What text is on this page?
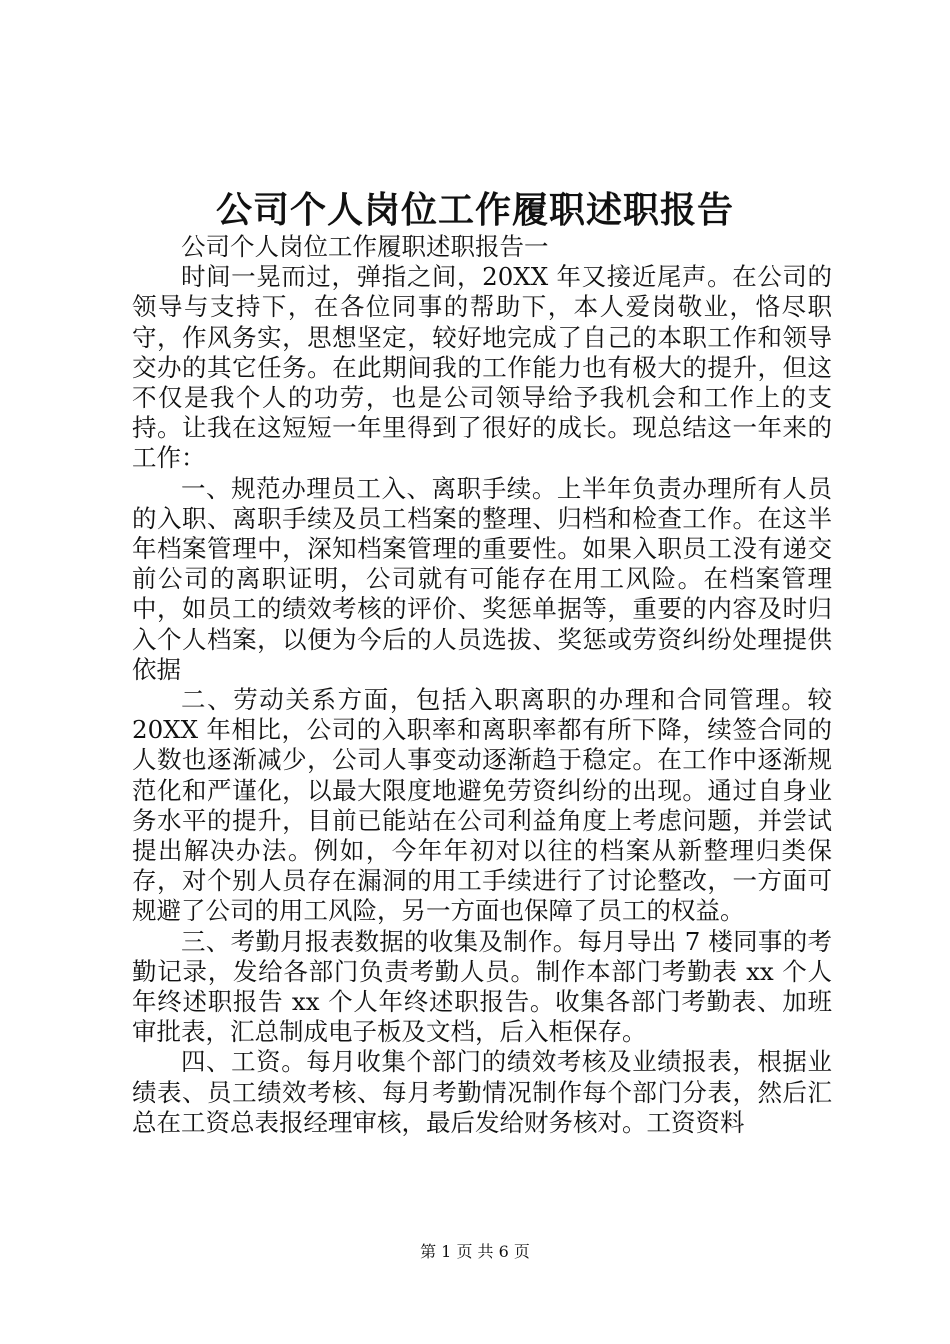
公司个人岗位工作履职述职报告

公司个人岗位工作履职述职报告一

时间一晃而过，弹指之间，20XX 年又接近尾声。在公司的领导与支持下，在各位同事的帮助下，本人爱岗敬业，恪尽职守，作风务实，思想坚定，较好地完成了自己的本职工作和领导交办的其它任务。在此期间我的工作能力也有极大的提升，但这不仅是我个人的功劳，也是公司领导给予我机会和工作上的支持。让我在这短短一年里得到了很好的成长。现总结这一年来的工作：

一、规范办理员工入、离职手续。上半年负责办理所有人员的入职、离职手续及员工档案的整理、归档和检查工作。在这半年档案管理中，深知档案管理的重要性。如果入职员工没有递交前公司的离职证明，公司就有可能存在用工风险。在档案管理中，如员工的绩效考核的评价、奖惩单据等，重要的内容及时归入个人档案，以便为今后的人员选拔、奖惩或劳资纠纷处理提供依据

二、劳动关系方面，包括入职离职的办理和合同管理。较 20XX 年相比，公司的入职率和离职率都有所下降，续签合同的人数也逐渐减少，公司人事变动逐渐趋于稳定。在工作中逐渐规范化和严谨化，以最大限度地避免劳资纠纷的出现。通过自身业务水平的提升，目前已能站在公司利益角度上考虑问题，并尝试提出解决办法。例如，今年年初对以往的档案从新整理归类保存，对个别人员存在漏洞的用工手续进行了讨论整改，一方面可规避了公司的用工风险，另一方面也保障了员工的权益。

三、考勤月报表数据的收集及制作。每月导出 7 楼同事的考勤记录，发给各部门负责考勤人员。制作本部门考勤表 xx 个人年终述职报告 xx 个人年终述职报告。收集各部门考勤表、加班审批表，汇总制成电子板及文档，后入柜保存。

四、工资。每月收集个部门的绩效考核及业绩报表，根据业绩表、员工绩效考核、每月考勤情况制作每个部门分表，然后汇总在工资总表报经理审核，最后发给财务核对。工资资料

第 1 页 共 6 页
